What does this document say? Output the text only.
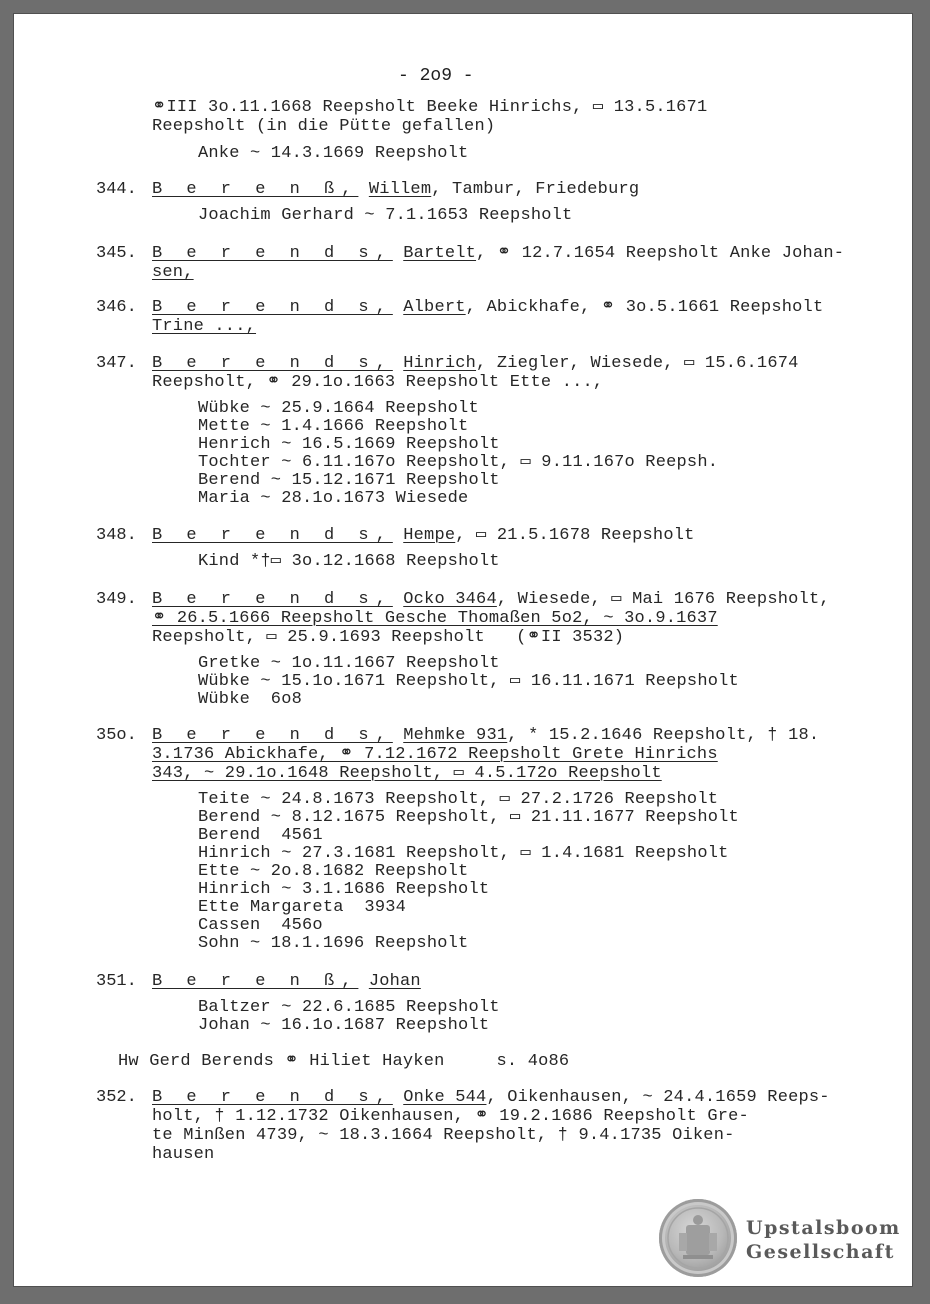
- 2o9 -
⚭III 3o.11.1668 Reepsholt Beeke Hinrichs, ▭ 13.5.1671
Reepsholt (in die Pütte gefallen)
Anke ~ 14.3.1669 Reepsholt
344. B e r e n ß, Willem, Tambur, Friedeburg
Joachim Gerhard ~ 7.1.1653 Reepsholt
345. B e r e n d s, Bartelt, ⚭ 12.7.1654 Reepsholt Anke Johan-
sen,
346. B e r e n d s, Albert, Abickhafe, ⚭ 3o.5.1661 Reepsholt
Trine ...,
347. B e r e n d s, Hinrich, Ziegler, Wiesede, ▭ 15.6.1674
Reepsholt, ⚭ 29.1o.1663 Reepsholt Ette ...,
Wübke ~ 25.9.1664 Reepsholt
Mette ~ 1.4.1666 Reepsholt
Henrich ~ 16.5.1669 Reepsholt
Tochter ~ 6.11.167o Reepsholt, ▭ 9.11.167o Reepsh.
Berend ~ 15.12.1671 Reepsholt
Maria ~ 28.1o.1673 Wiesede
348. B e r e n d s, Hempe, ▭ 21.5.1678 Reepsholt
Kind *†▭ 3o.12.1668 Reepsholt
349. B e r e n d s, Ocko 3464, Wiesede, ▭ Mai 1676 Reepsholt,
⚭ 26.5.1666 Reepsholt Gesche Thomaßen 5o2, ~ 3o.9.1637
Reepsholt, ▭ 25.9.1693 Reepsholt   (⚭II 3532)
Gretke ~ 1o.11.1667 Reepsholt
Wübke ~ 15.1o.1671 Reepsholt, ▭ 16.11.1671 Reepsholt
Wübke  6o8
35o. B e r e n d s, Mehmke 931, * 15.2.1646 Reepsholt, † 18.
3.1736 Abickhafe, ⚭ 7.12.1672 Reepsholt Grete Hinrichs
343, ~ 29.1o.1648 Reepsholt, ▭ 4.5.172o Reepsholt
Teite ~ 24.8.1673 Reepsholt, ▭ 27.2.1726 Reepsholt
Berend ~ 8.12.1675 Reepsholt, ▭ 21.11.1677 Reepsholt
Berend  4561
Hinrich ~ 27.3.1681 Reepsholt, ▭ 1.4.1681 Reepsholt
Ette ~ 2o.8.1682 Reepsholt
Hinrich ~ 3.1.1686 Reepsholt
Ette Margareta  3934
Cassen  456o
Sohn ~ 18.1.1696 Reepsholt
351. B e r e n ß, Johan
Baltzer ~ 22.6.1685 Reepsholt
Johan ~ 16.1o.1687 Reepsholt
Hw Gerd Berends ⚭ Hiliet Hayken     s. 4o86
352. B e r e n d s, Onke 544, Oikenhausen, ~ 24.4.1659 Reeps-
holt, † 1.12.1732 Oikenhausen, ⚭ 19.2.1686 Reepsholt Gre-
te Minßen 4739, ~ 18.3.1664 Reepsholt, † 9.4.1735 Oiken-
hausen
Upstalsboom
Gesellschaft
